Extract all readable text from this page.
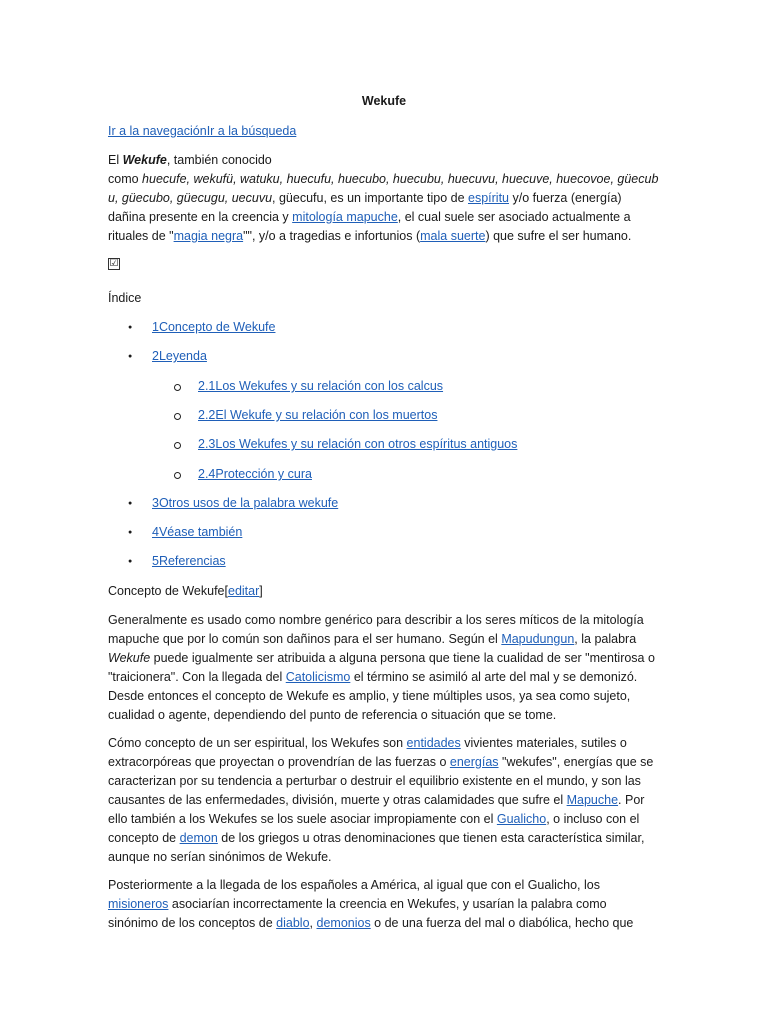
Wekufe
Ir a la navegaciónIr a la búsqueda

El Wekufe, también conocido
como huecufe, wekufü, watuku, huecufu, huecubo, huecubu, huecuvu, huecuve, huecovoe, güecub u, güecubo, güecugu, uecuvu, güecufu, es un importante tipo de espíritu y/o fuerza (energía) dañina presente en la creencia y mitología mapuche, el cual suele ser asociado actualmente a rituales de "magia negra"", y/o a tragedias e infortunios (mala suerte) que sufre el ser humano.

☑
Índice
● 1Concepto de Wekufe
● 2Leyenda
2.1Los Wekufes y su relación con los calcus
2.2El Wekufe y su relación con los muertos
2.3Los Wekufes y su relación con otros espíritus antiguos
2.4Protección y cura
● 3Otros usos de la palabra wekufe
● 4Véase también
● 5Referencias
Concepto de Wekufe[editar]

Generalmente es usado como nombre genérico para describir a los seres míticos de la mitología mapuche que por lo común son dañinos para el ser humano. Según el Mapudungun, la palabra Wekufe puede igualmente ser atribuida a alguna persona que tiene la cualidad de ser "mentirosa o "traicionera". Con la llegada del Catolicismo el término se asimiló al arte del mal y se demonizó. Desde entonces el concepto de Wekufe es amplio, y tiene múltiples usos, ya sea como sujeto, cualidad o agente, dependiendo del punto de referencia o situación que se tome.

Cómo concepto de un ser espiritual, los Wekufes son entidades vivientes materiales, sutiles o extracorpóreas que proyectan o provendrían de las fuerzas o energías "wekufes", energías que se caracterizan por su tendencia a perturbar o destruir el equilibrio existente en el mundo, y son las causantes de las enfermedades, división, muerte y otras calamidades que sufre el Mapuche. Por ello también a los Wekufes se los suele asociar impropiamente con el Gualicho, o incluso con el concepto de demon de los griegos u otras denominaciones que tienen esta característica similar, aunque no serían sinónimos de Wekufe.

Posteriormente a la llegada de los españoles a América, al igual que con el Gualicho, los misioneros asociarían incorrectamente la creencia en Wekufes, y usarían la palabra como sinónimo de los conceptos de diablo, demonios o de una fuerza del mal o diabólica, hecho que
